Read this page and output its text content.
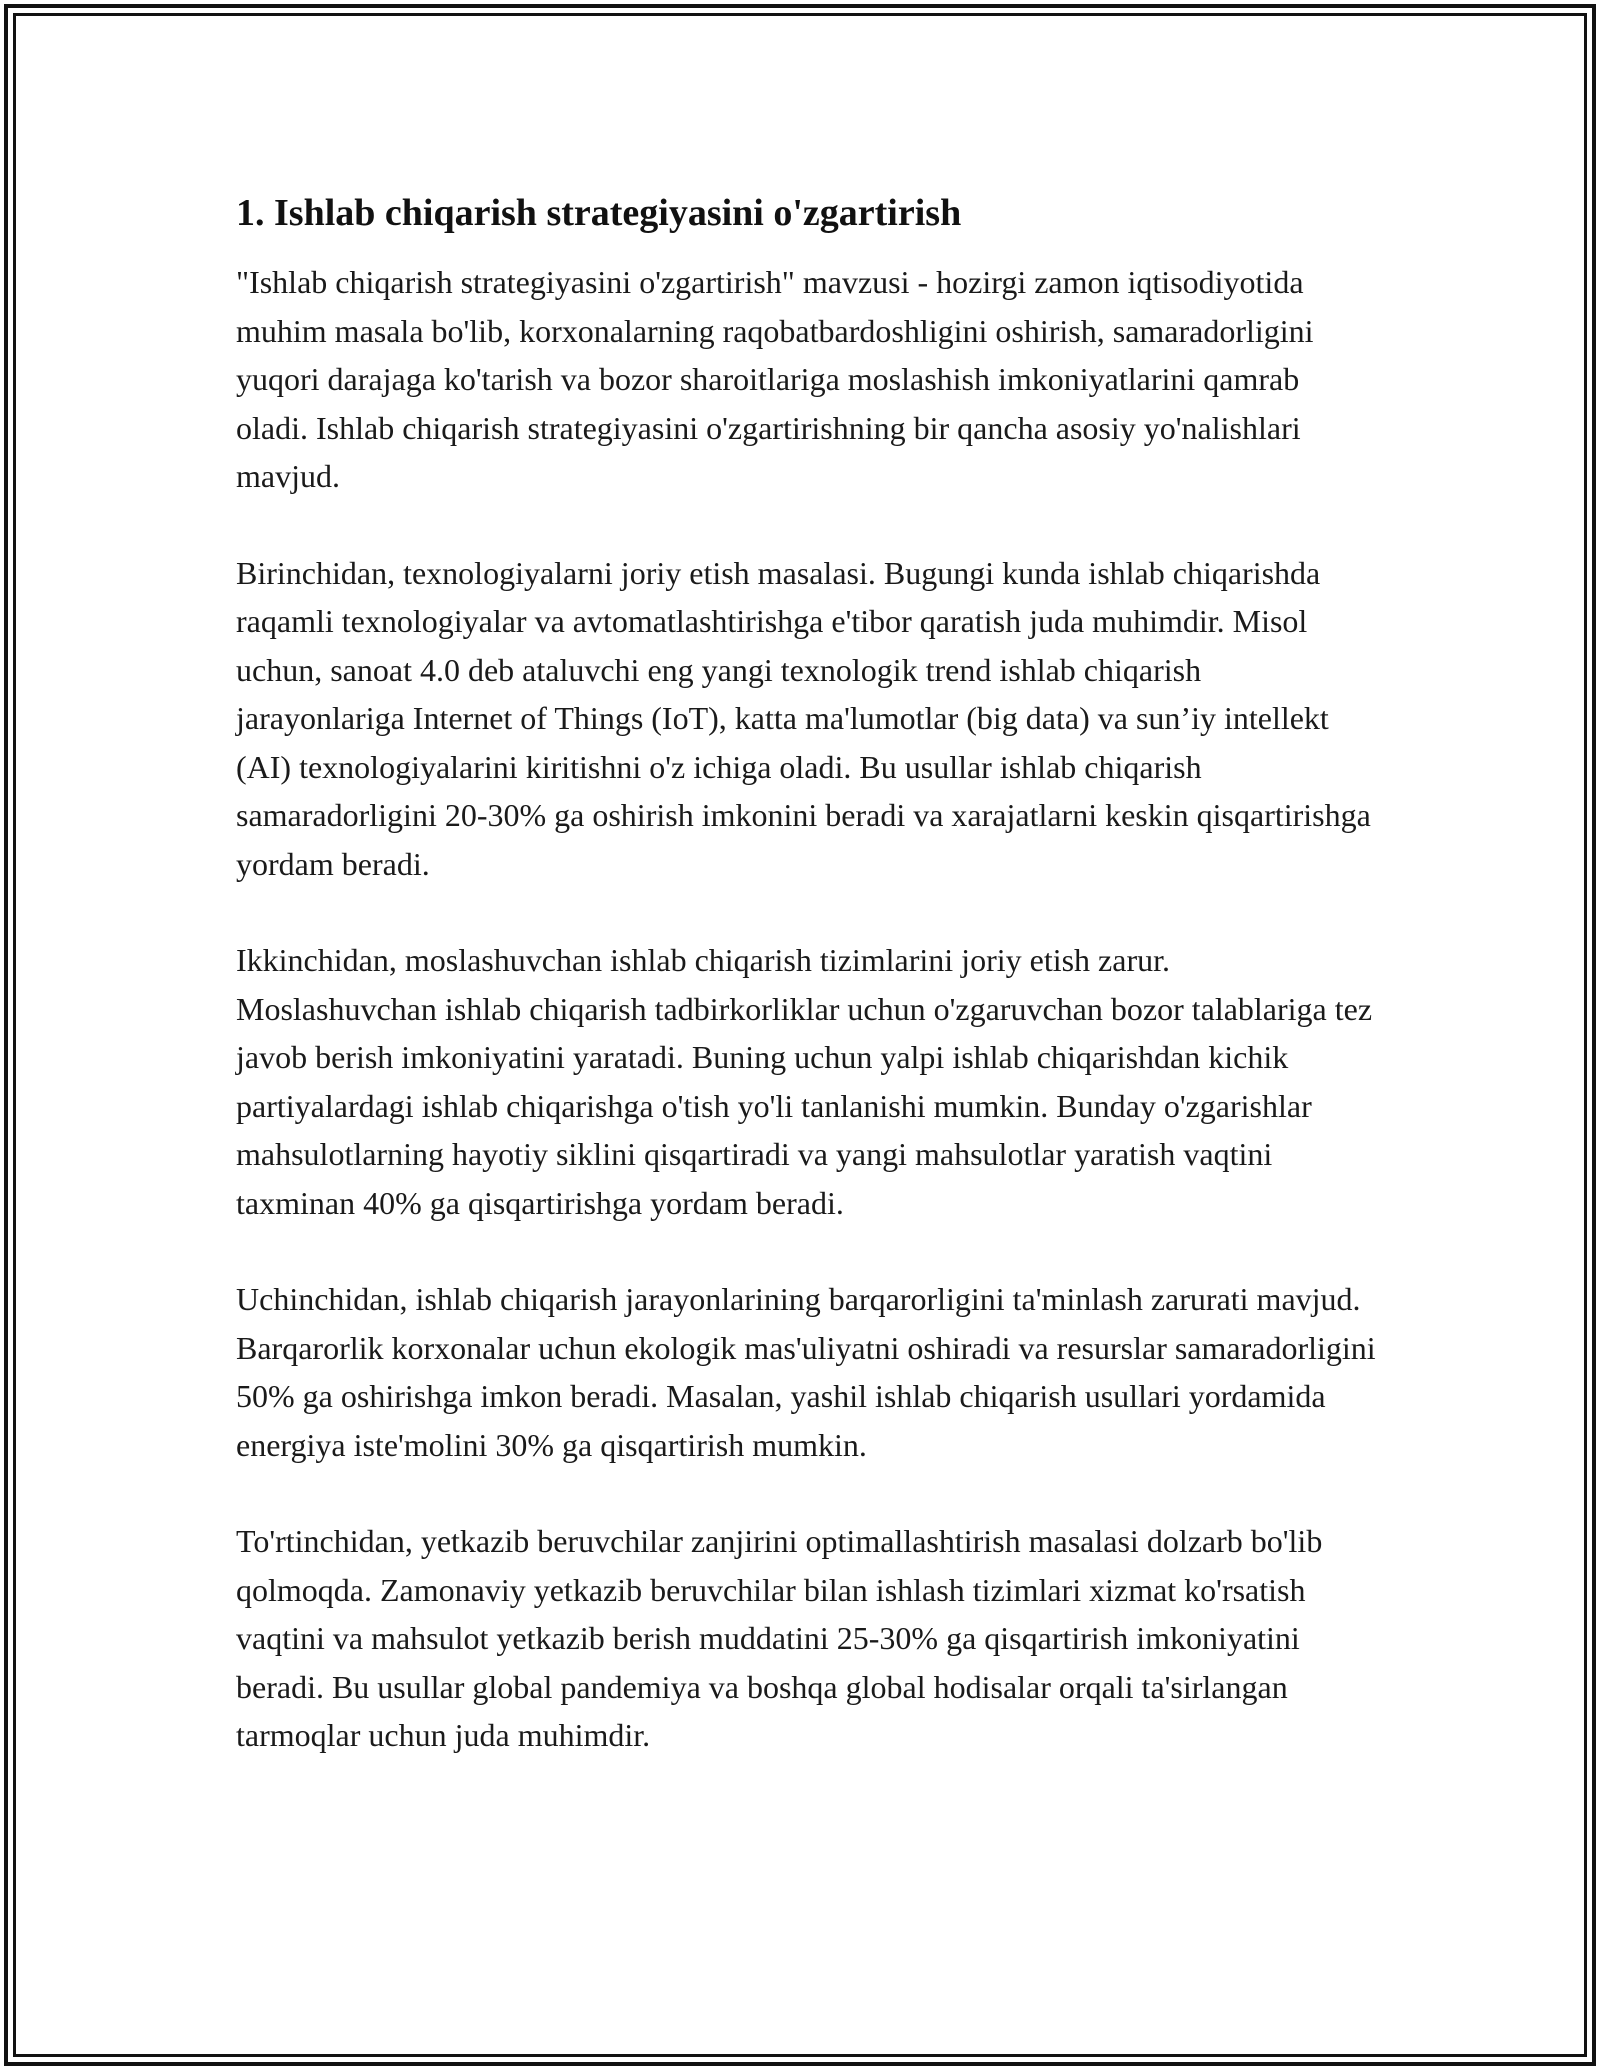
1. Ishlab chiqarish strategiyasini o'zgartirish

"Ishlab chiqarish strategiyasini o'zgartirish" mavzusi - hozirgi zamon iqtisodiyotida muhim masala bo'lib, korxonalarning raqobatbardoshligini oshirish, samaradorligini yuqori darajaga ko'tarish va bozor sharoitlariga moslashish imkoniyatlarini qamrab oladi. Ishlab chiqarish strategiyasini o'zgartirishning bir qancha asosiy yo'nalishlari mavjud.

Birinchidan, texnologiyalarni joriy etish masalasi. Bugungi kunda ishlab chiqarishda raqamli texnologiyalar va avtomatlashtirishga e'tibor qaratish juda muhimdir. Misol uchun, sanoat 4.0 deb ataluvchi eng yangi texnologik trend ishlab chiqarish jarayonlariga Internet of Things (IoT), katta ma'lumotlar (big data) va sun’iy intellekt (AI) texnologiyalarini kiritishni o'z ichiga oladi. Bu usullar ishlab chiqarish samaradorligini 20-30% ga oshirish imkonini beradi va xarajatlarni keskin qisqartirishga yordam beradi.

Ikkinchidan, moslashuvchan ishlab chiqarish tizimlarini joriy etish zarur. Moslashuvchan ishlab chiqarish tadbirkorliklar uchun o'zgaruvchan bozor talablariga tez javob berish imkoniyatini yaratadi. Buning uchun yalpi ishlab chiqarishdan kichik partiyalardagi ishlab chiqarishga o'tish yo'li tanlanishi mumkin. Bunday o'zgarishlar mahsulotlarning hayotiy siklini qisqartiradi va yangi mahsulotlar yaratish vaqtini taxminan 40% ga qisqartirishga yordam beradi.

Uchinchidan, ishlab chiqarish jarayonlarining barqarorligini ta'minlash zarurati mavjud. Barqarorlik korxonalar uchun ekologik mas'uliyatni oshiradi va resurslar samaradorligini 50% ga oshirishga imkon beradi. Masalan, yashil ishlab chiqarish usullari yordamida energiya iste'molini 30% ga qisqartirish mumkin.

To'rtinchidan, yetkazib beruvchilar zanjirini optimallashtirish masalasi dolzarb bo'lib qolmoqda. Zamonaviy yetkazib beruvchilar bilan ishlash tizimlari xizmat ko'rsatish vaqtini va mahsulot yetkazib berish muddatini 25-30% ga qisqartirish imkoniyatini beradi. Bu usullar global pandemiya va boshqa global hodisalar orqali ta'sirlangan tarmoqlar uchun juda muhimdir.
